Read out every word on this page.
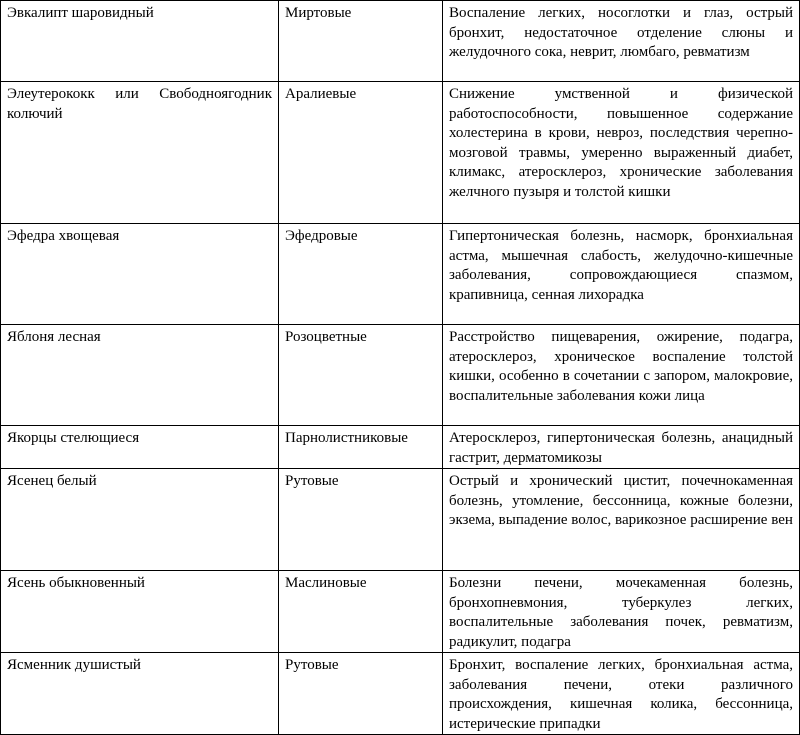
Эвкалипт шаровидный	Миртовые	Воспаление легких, носоглотки и глаз, острый бронхит, недостаточное отделение слюны и желудочного сока, неврит, люмбаго, ревматизм
Элеутерококк или Свободноягодник колючий	Аралиевые	Снижение умственной и физической работоспособности, повышенное содержание холестерина в крови, невроз, последствия черепно-мозговой травмы, умеренно выраженный диабет, климакс, атеросклероз, хронические заболевания желчного пузыря и толстой кишки
Эфедра хвощевая	Эфедровые	Гипертоническая болезнь, насморк, бронхиальная астма, мышечная слабость, желудочно-кишечные заболевания, сопровождающиеся спазмом, крапивница, сенная лихорадка
Яблоня лесная	Розоцветные	Расстройство пищеварения, ожирение, подагра, атеросклероз, хроническое воспаление толстой кишки, особенно в сочетании с запором, малокровие, воспалительные заболевания кожи лица
Якорцы стелющиеся	Парнолистниковые	Атеросклероз, гипертоническая болезнь, анацидный гастрит, дерматомикозы
Ясенец белый	Рутовые	Острый и хронический цистит, почечнокаменная болезнь, утомление, бессонница, кожные болезни, экзема, выпадение волос, варикозное расширение вен
Ясень обыкновенный	Маслиновые	Болезни печени, мочекаменная болезнь, бронхопневмония, туберкулез легких, воспалительные заболевания почек, ревматизм, радикулит, подагра
Ясменник душистый	Рутовые	Бронхит, воспаление легких, бронхиальная астма, заболевания печени, отеки различного происхождения, кишечная колика, бессонница, истерические припадки
